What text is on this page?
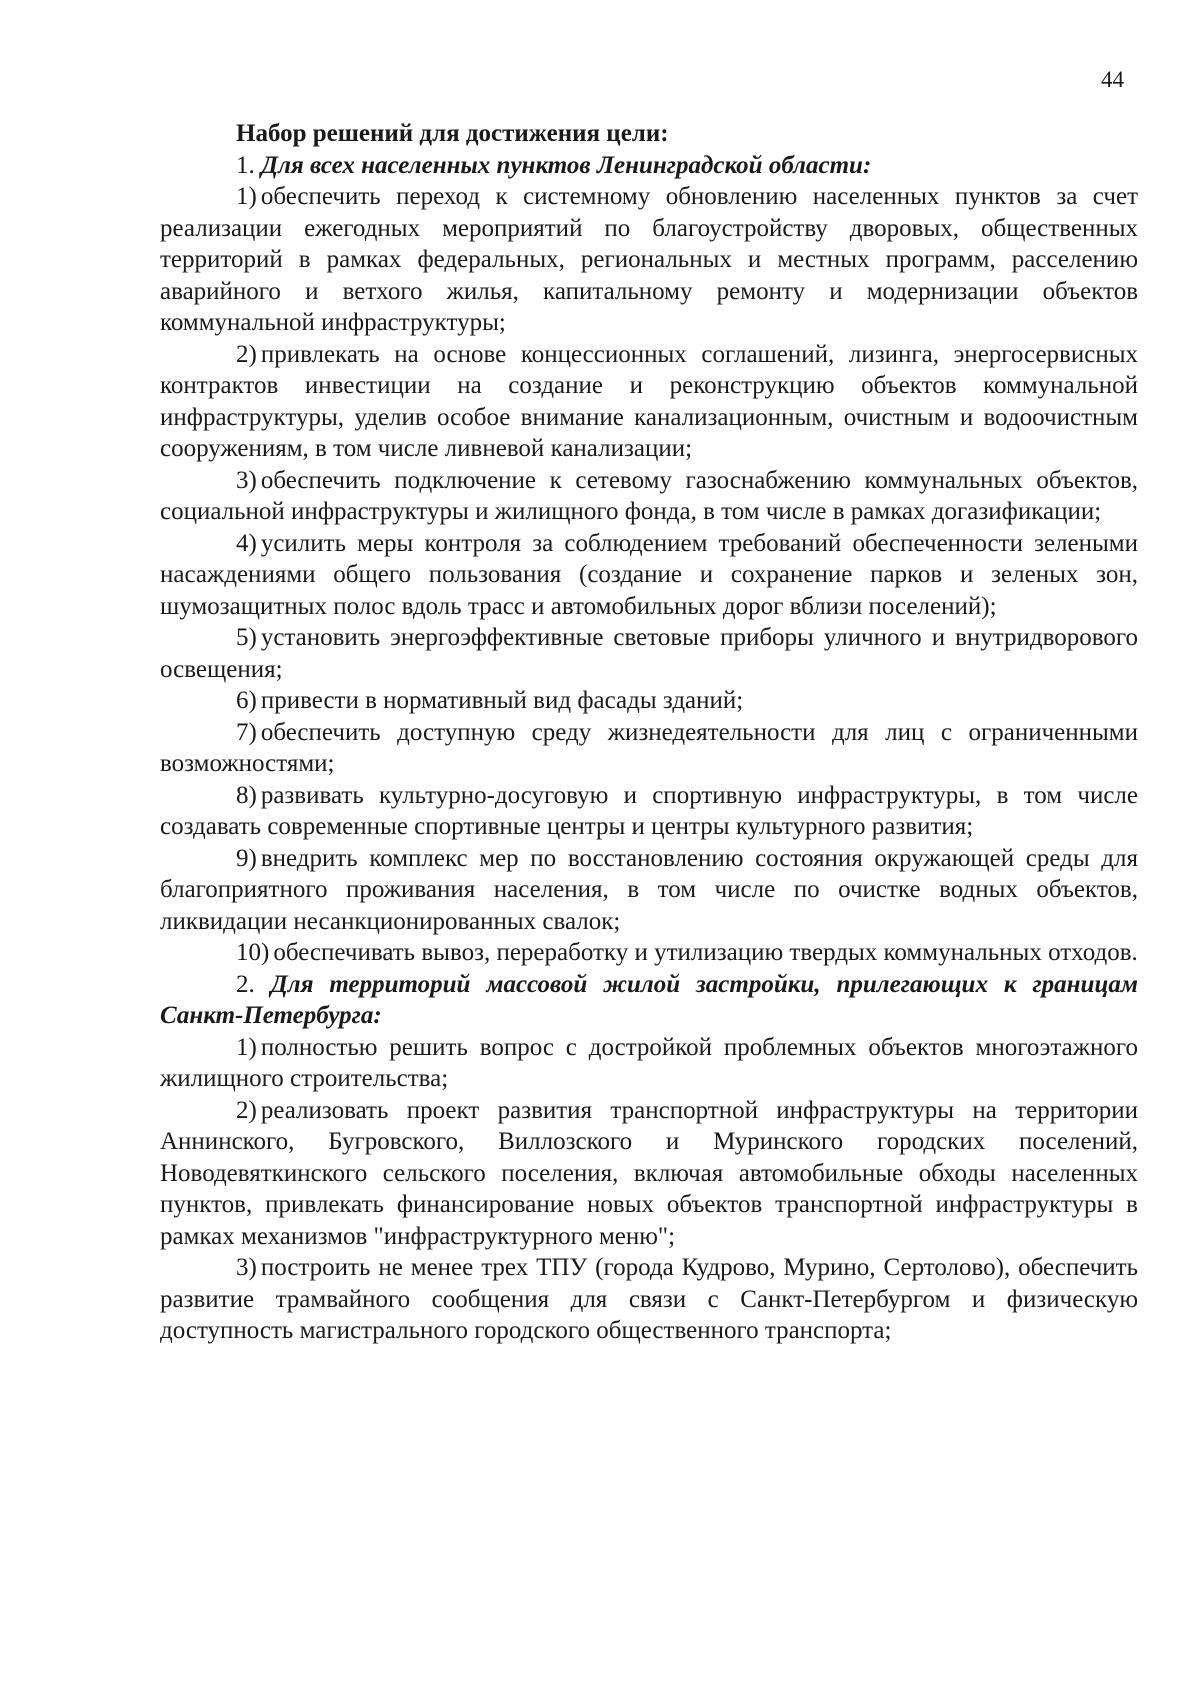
44

Набор решений для достижения цели:

1. Для всех населенных пунктов Ленинградской области:

1) обеспечить переход к системному обновлению населенных пунктов за счет реализации ежегодных мероприятий по благоустройству дворовых, общественных территорий в рамках федеральных, региональных и местных программ, расселению аварийного и ветхого жилья, капитальному ремонту и модернизации объектов коммунальной инфраструктуры;

2) привлекать на основе концессионных соглашений, лизинга, энергосервисных контрактов инвестиции на создание и реконструкцию объектов коммунальной инфраструктуры, уделив особое внимание канализационным, очистным и водоочистным сооружениям, в том числе ливневой канализации;

3) обеспечить подключение к сетевому газоснабжению коммунальных объектов, социальной инфраструктуры и жилищного фонда, в том числе в рамках догазификации;

4) усилить меры контроля за соблюдением требований обеспеченности зелеными насаждениями общего пользования (создание и сохранение парков и зеленых зон, шумозащитных полос вдоль трасс и автомобильных дорог вблизи поселений);

5) установить энергоэффективные световые приборы уличного и внутридворового освещения;

6) привести в нормативный вид фасады зданий;

7) обеспечить доступную среду жизнедеятельности для лиц с ограниченными возможностями;

8) развивать культурно-досуговую и спортивную инфраструктуры, в том числе создавать современные спортивные центры и центры культурного развития;

9) внедрить комплекс мер по восстановлению состояния окружающей среды для благоприятного проживания населения, в том числе по очистке водных объектов, ликвидации несанкционированных свалок;

10) обеспечивать вывоз, переработку и утилизацию твердых коммунальных отходов.

2. Для территорий массовой жилой застройки, прилегающих к границам Санкт-Петербурга:

1) полностью решить вопрос с достройкой проблемных объектов многоэтажного жилищного строительства;

2) реализовать проект развития транспортной инфраструктуры на территории Аннинского, Бугровского, Виллозского и Муринского городских поселений, Новодевяткинского сельского поселения, включая автомобильные обходы населенных пунктов, привлекать финансирование новых объектов транспортной инфраструктуры в рамках механизмов "инфраструктурного меню";

3) построить не менее трех ТПУ (города Кудрово, Мурино, Сертолово), обеспечить развитие трамвайного сообщения для связи с Санкт-Петербургом и физическую доступность магистрального городского общественного транспорта;
